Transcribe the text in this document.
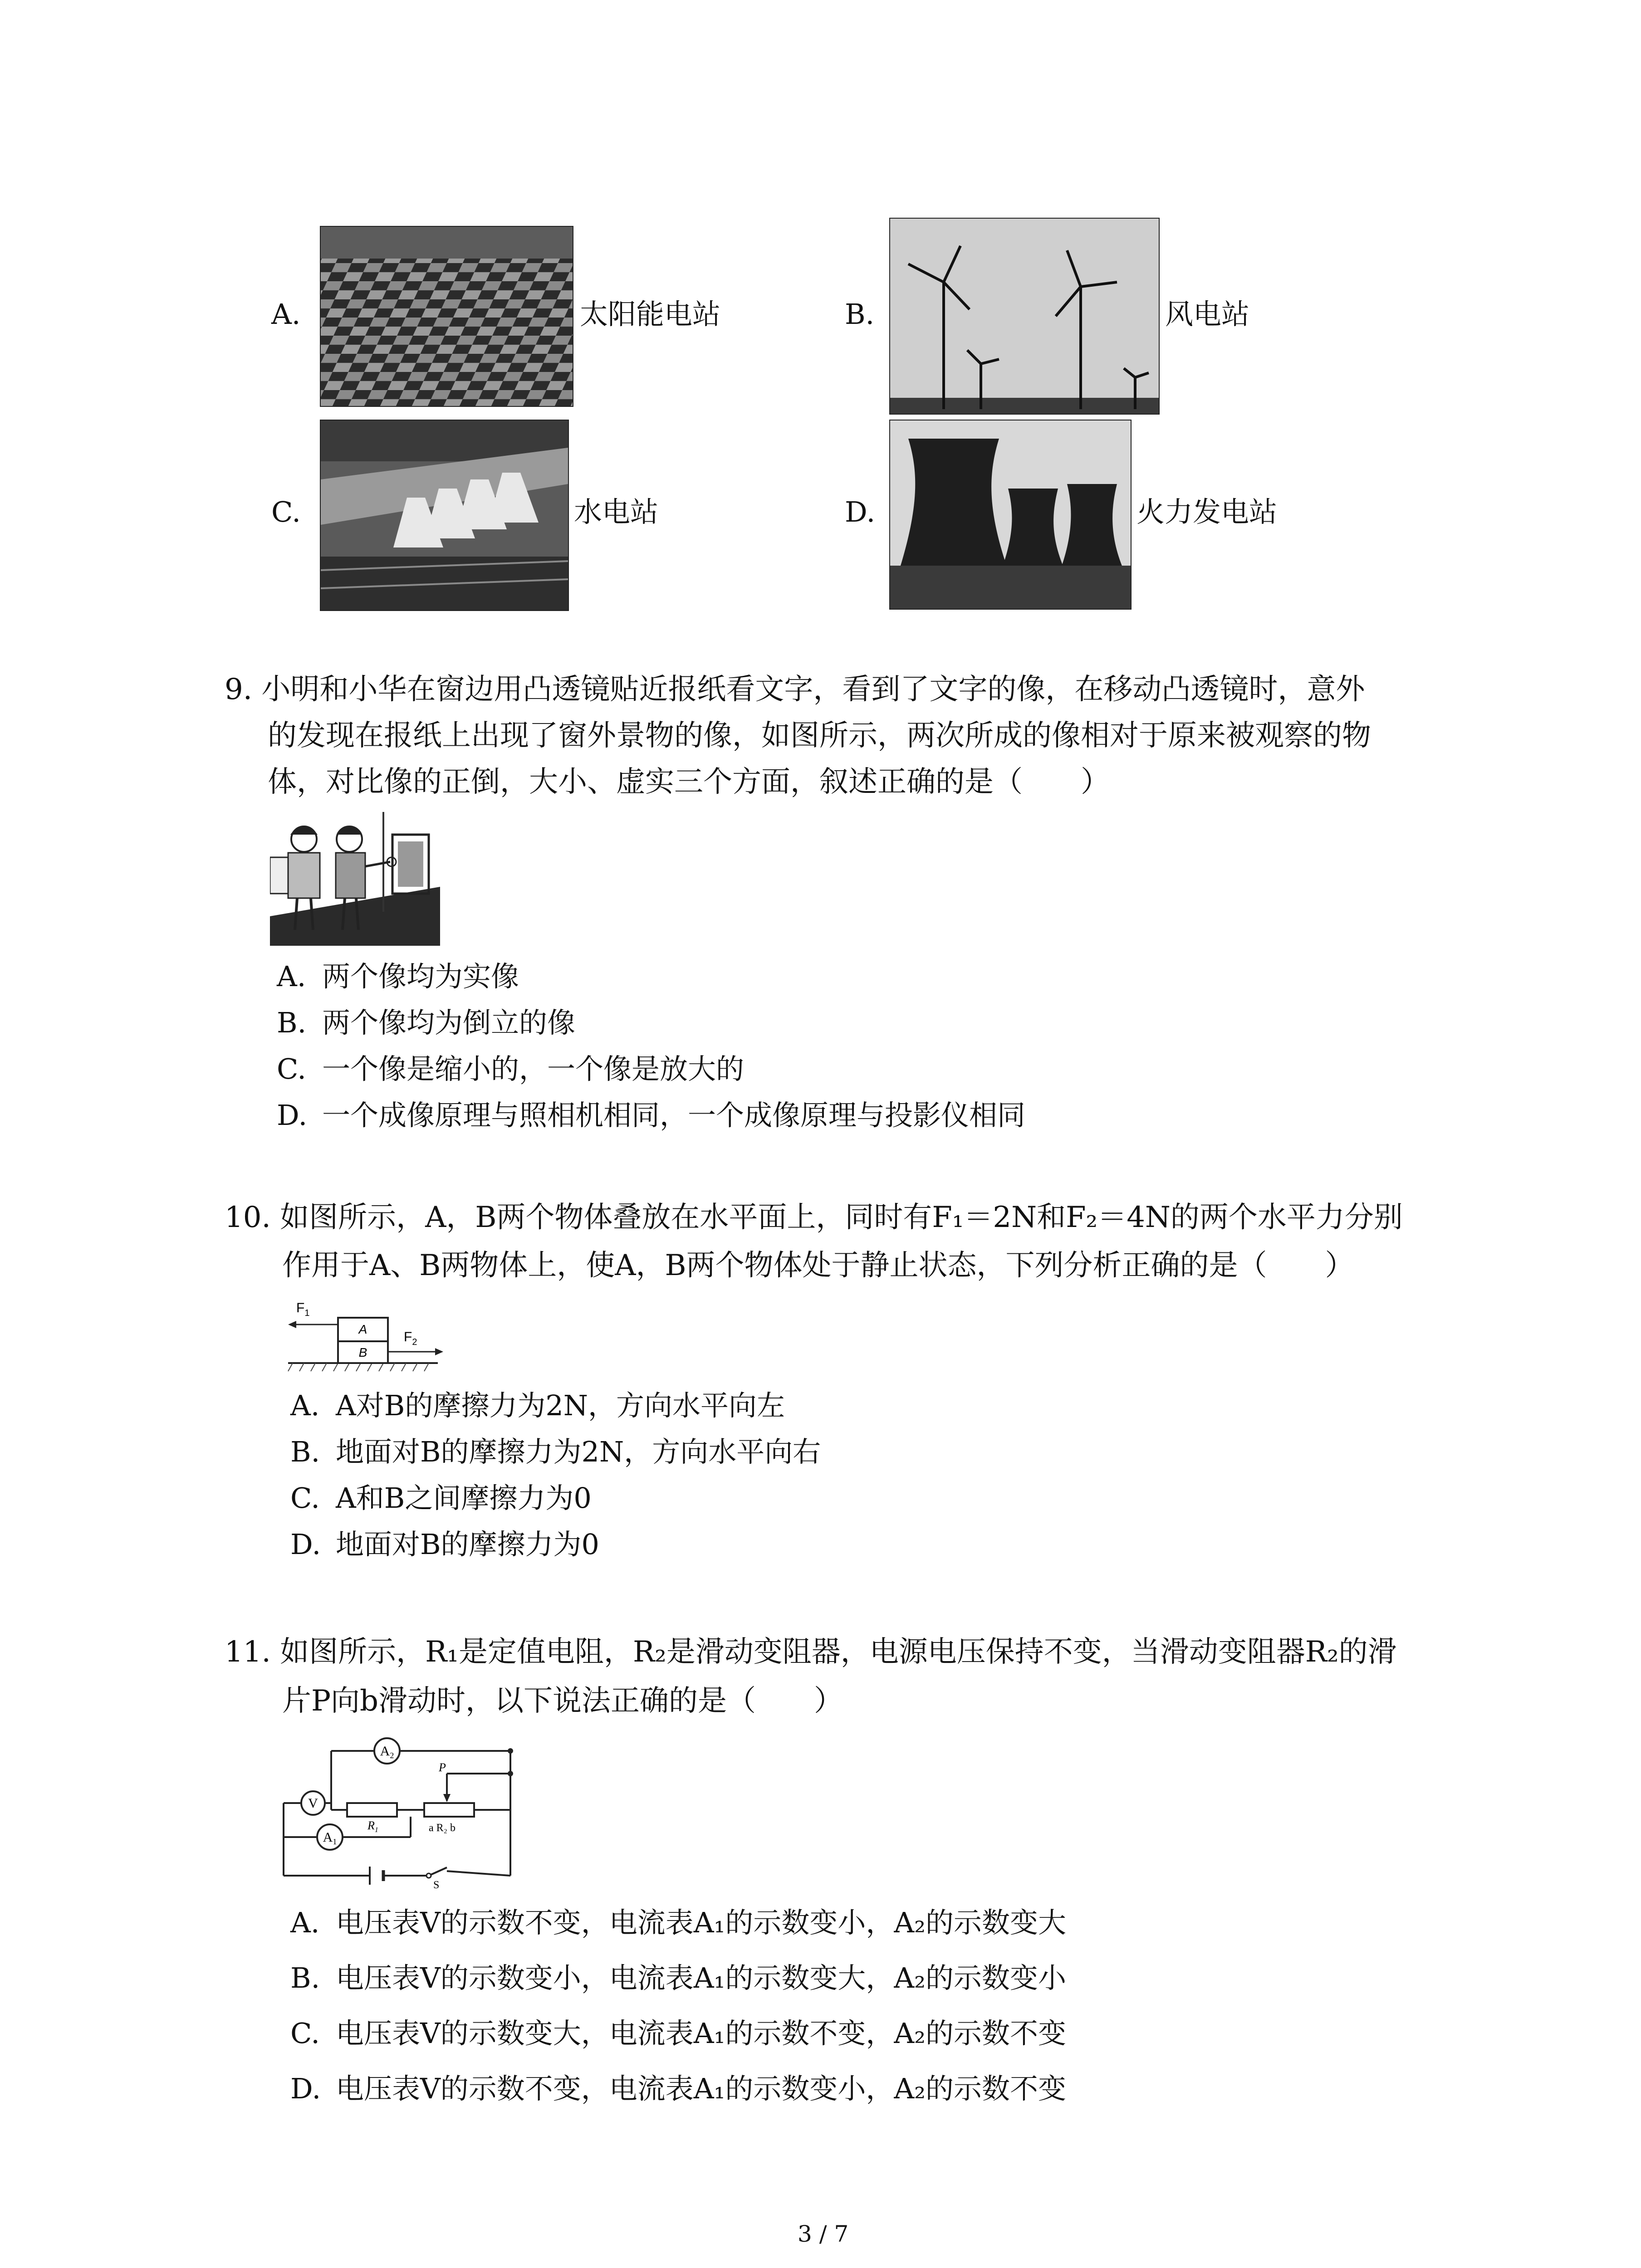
A.	太阳能电站	B.	风电站
C.	水电站	D.	火力发电站
9. 小明和小华在窗边用凸透镜贴近报纸看文字，看到了文字的像，在移动凸透镜时，意外
的发现在报纸上出现了窗外景物的像，如图所示，两次所成的像相对于原来被观察的物
体，对比像的正倒，大小、虚实三个方面，叙述正确的是（　　）
A. 两个像均为实像
B. 两个像均为倒立的像
C. 一个像是缩小的，一个像是放大的
D. 一个成像原理与照相机相同，一个成像原理与投影仪相同
10. 如图所示，A，B两个物体叠放在水平面上，同时有F₁＝2N和F₂＝4N的两个水平力分别
作用于A、B两物体上，使A，B两个物体处于静止状态，下列分析正确的是（　　）
A
B
$F_1$
$F_2$
A. A对B的摩擦力为2N，方向水平向左
B. 地面对B的摩擦力为2N，方向水平向右
C. A和B之间摩擦力为0
D. 地面对B的摩擦力为0
11. 如图所示，R₁是定值电阻，R₂是滑动变阻器，电源电压保持不变，当滑动变阻器R₂的滑
片P向b滑动时，以下说法正确的是（　　）
$A_2$
V
$A_1$
$R_1$
P
a R₂ b
S
A. 电压表V的示数不变，电流表A₁的示数变小，A₂的示数变大
B. 电压表V的示数变小，电流表A₁的示数变大，A₂的示数变小
C. 电压表V的示数变大，电流表A₁的示数不变，A₂的示数不变
D. 电压表V的示数不变，电流表A₁的示数变小，A₂的示数不变
3 / 7
